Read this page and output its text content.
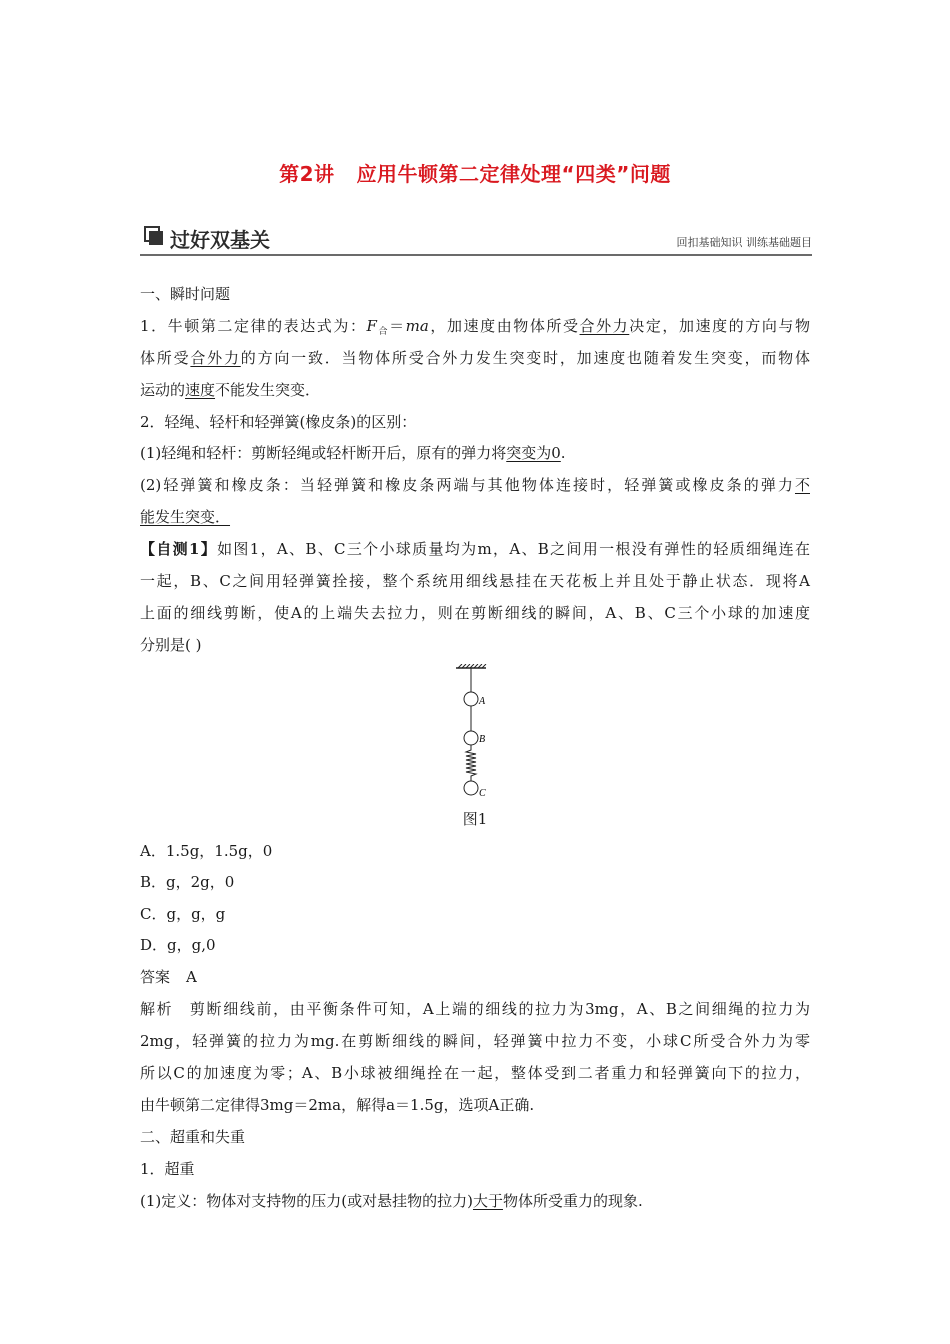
第2讲 应用牛顿第二定律处理“四类”问题
过好双基关	回扣基础知识 训练基础题目
一、瞬时问题
1．牛顿第二定律的表达式为：$F_合=ma$，加速度由物体所受合外力决定，加速度的方向与物
体所受合外力的方向一致．当物体所受合外力发生突变时，加速度也随着发生突变，而物体
运动的速度不能发生突变．
2．轻绳、轻杆和轻弹簧(橡皮条)的区别：
(1)轻绳和轻杆：剪断轻绳或轻杆断开后，原有的弹力将突变为0.
(2)轻弹簧和橡皮条：当轻弹簧和橡皮条两端与其他物体连接时，轻弹簧或橡皮条的弹力不
能发生突变．
【自测1】如图1，A、B、C三个小球质量均为m，A、B之间用一根没有弹性的轻质细绳连在
一起，B、C之间用轻弹簧拴接，整个系统用细线悬挂在天花板上并且处于静止状态．现将A
上面的细线剪断，使A的上端失去拉力，则在剪断细线的瞬间，A、B、C三个小球的加速度
分别是( )
A
B
C
图1
A．1.5g，1.5g，0
B．g，2g，0
C．g，g，g
D．g，g,0
答案 A
解析　剪断细线前，由平衡条件可知，A上端的细线的拉力为3mg，A、B之间细绳的拉力为
2mg，轻弹簧的拉力为mg.在剪断细线的瞬间，轻弹簧中拉力不变，小球C所受合外力为零
所以C的加速度为零；A、B小球被细绳拴在一起，整体受到二者重力和轻弹簧向下的拉力，
由牛顿第二定律得3mg＝2ma，解得a＝1.5g，选项A正确.
二、超重和失重
1．超重
(1)定义：物体对支持物的压力(或对悬挂物的拉力)大于物体所受重力的现象.
